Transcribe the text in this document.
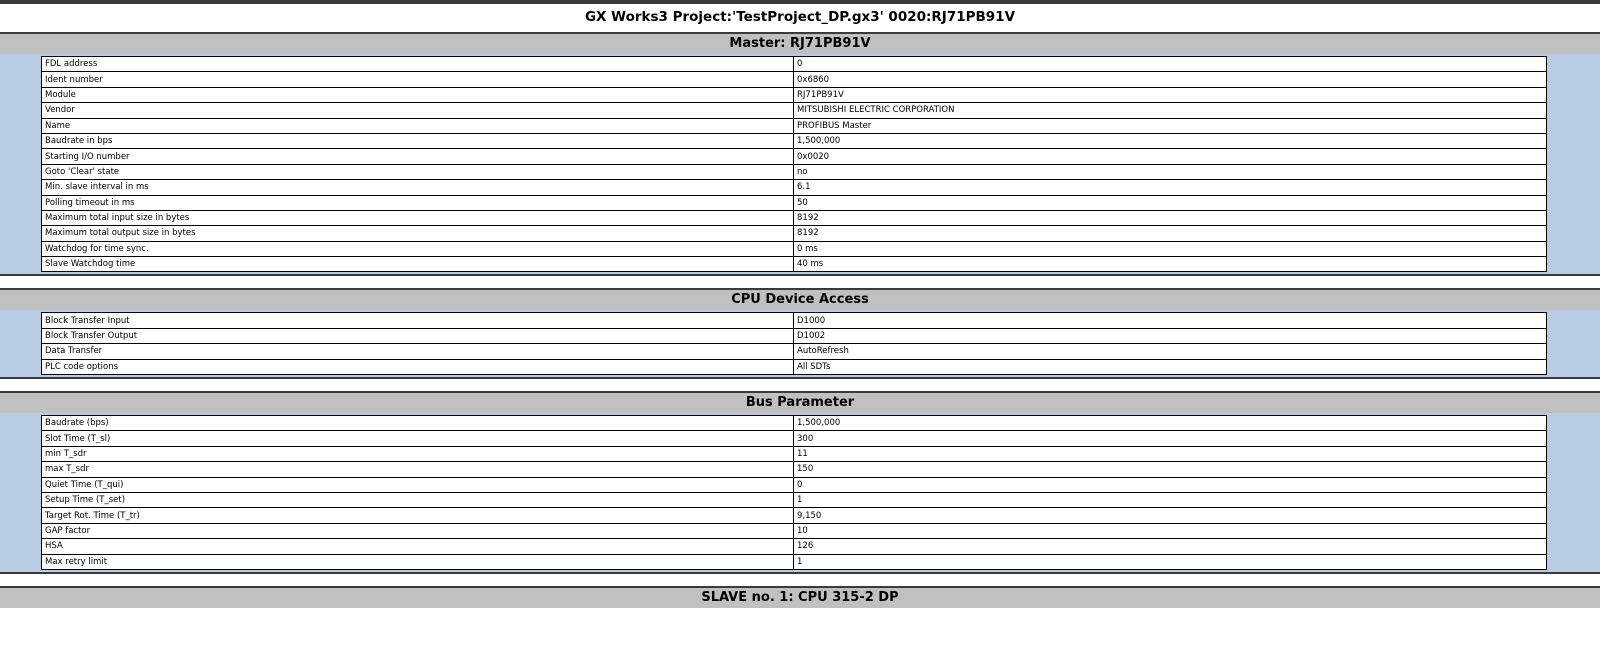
GX Works3 Project:'TestProject_DP.gx3' 0020:RJ71PB91V
Master: RJ71PB91V
FDL address	0
Ident number	0x6860
Module	RJ71PB91V
Vendor	MITSUBISHI ELECTRIC CORPORATION
Name	PROFIBUS Master
Baudrate in bps	1,500,000
Starting I/O number	0x0020
Goto 'Clear' state	no
Min. slave interval in ms	6.1
Polling timeout in ms	50
Maximum total input size in bytes	8192
Maximum total output size in bytes	8192
Watchdog for time sync.	0 ms
Slave Watchdog time	40 ms
CPU Device Access
Block Transfer Input	D1000
Block Transfer Output	D1002
Data Transfer	AutoRefresh
PLC code options	All SDTs
Bus Parameter
Baudrate (bps)	1,500,000
Slot Time (T_sl)	300
min T_sdr	11
max T_sdr	150
Quiet Time (T_qui)	0
Setup Time (T_set)	1
Target Rot. Time (T_tr)	9,150
GAP factor	10
HSA	126
Max retry limit	1
SLAVE no. 1: CPU 315-2 DP
